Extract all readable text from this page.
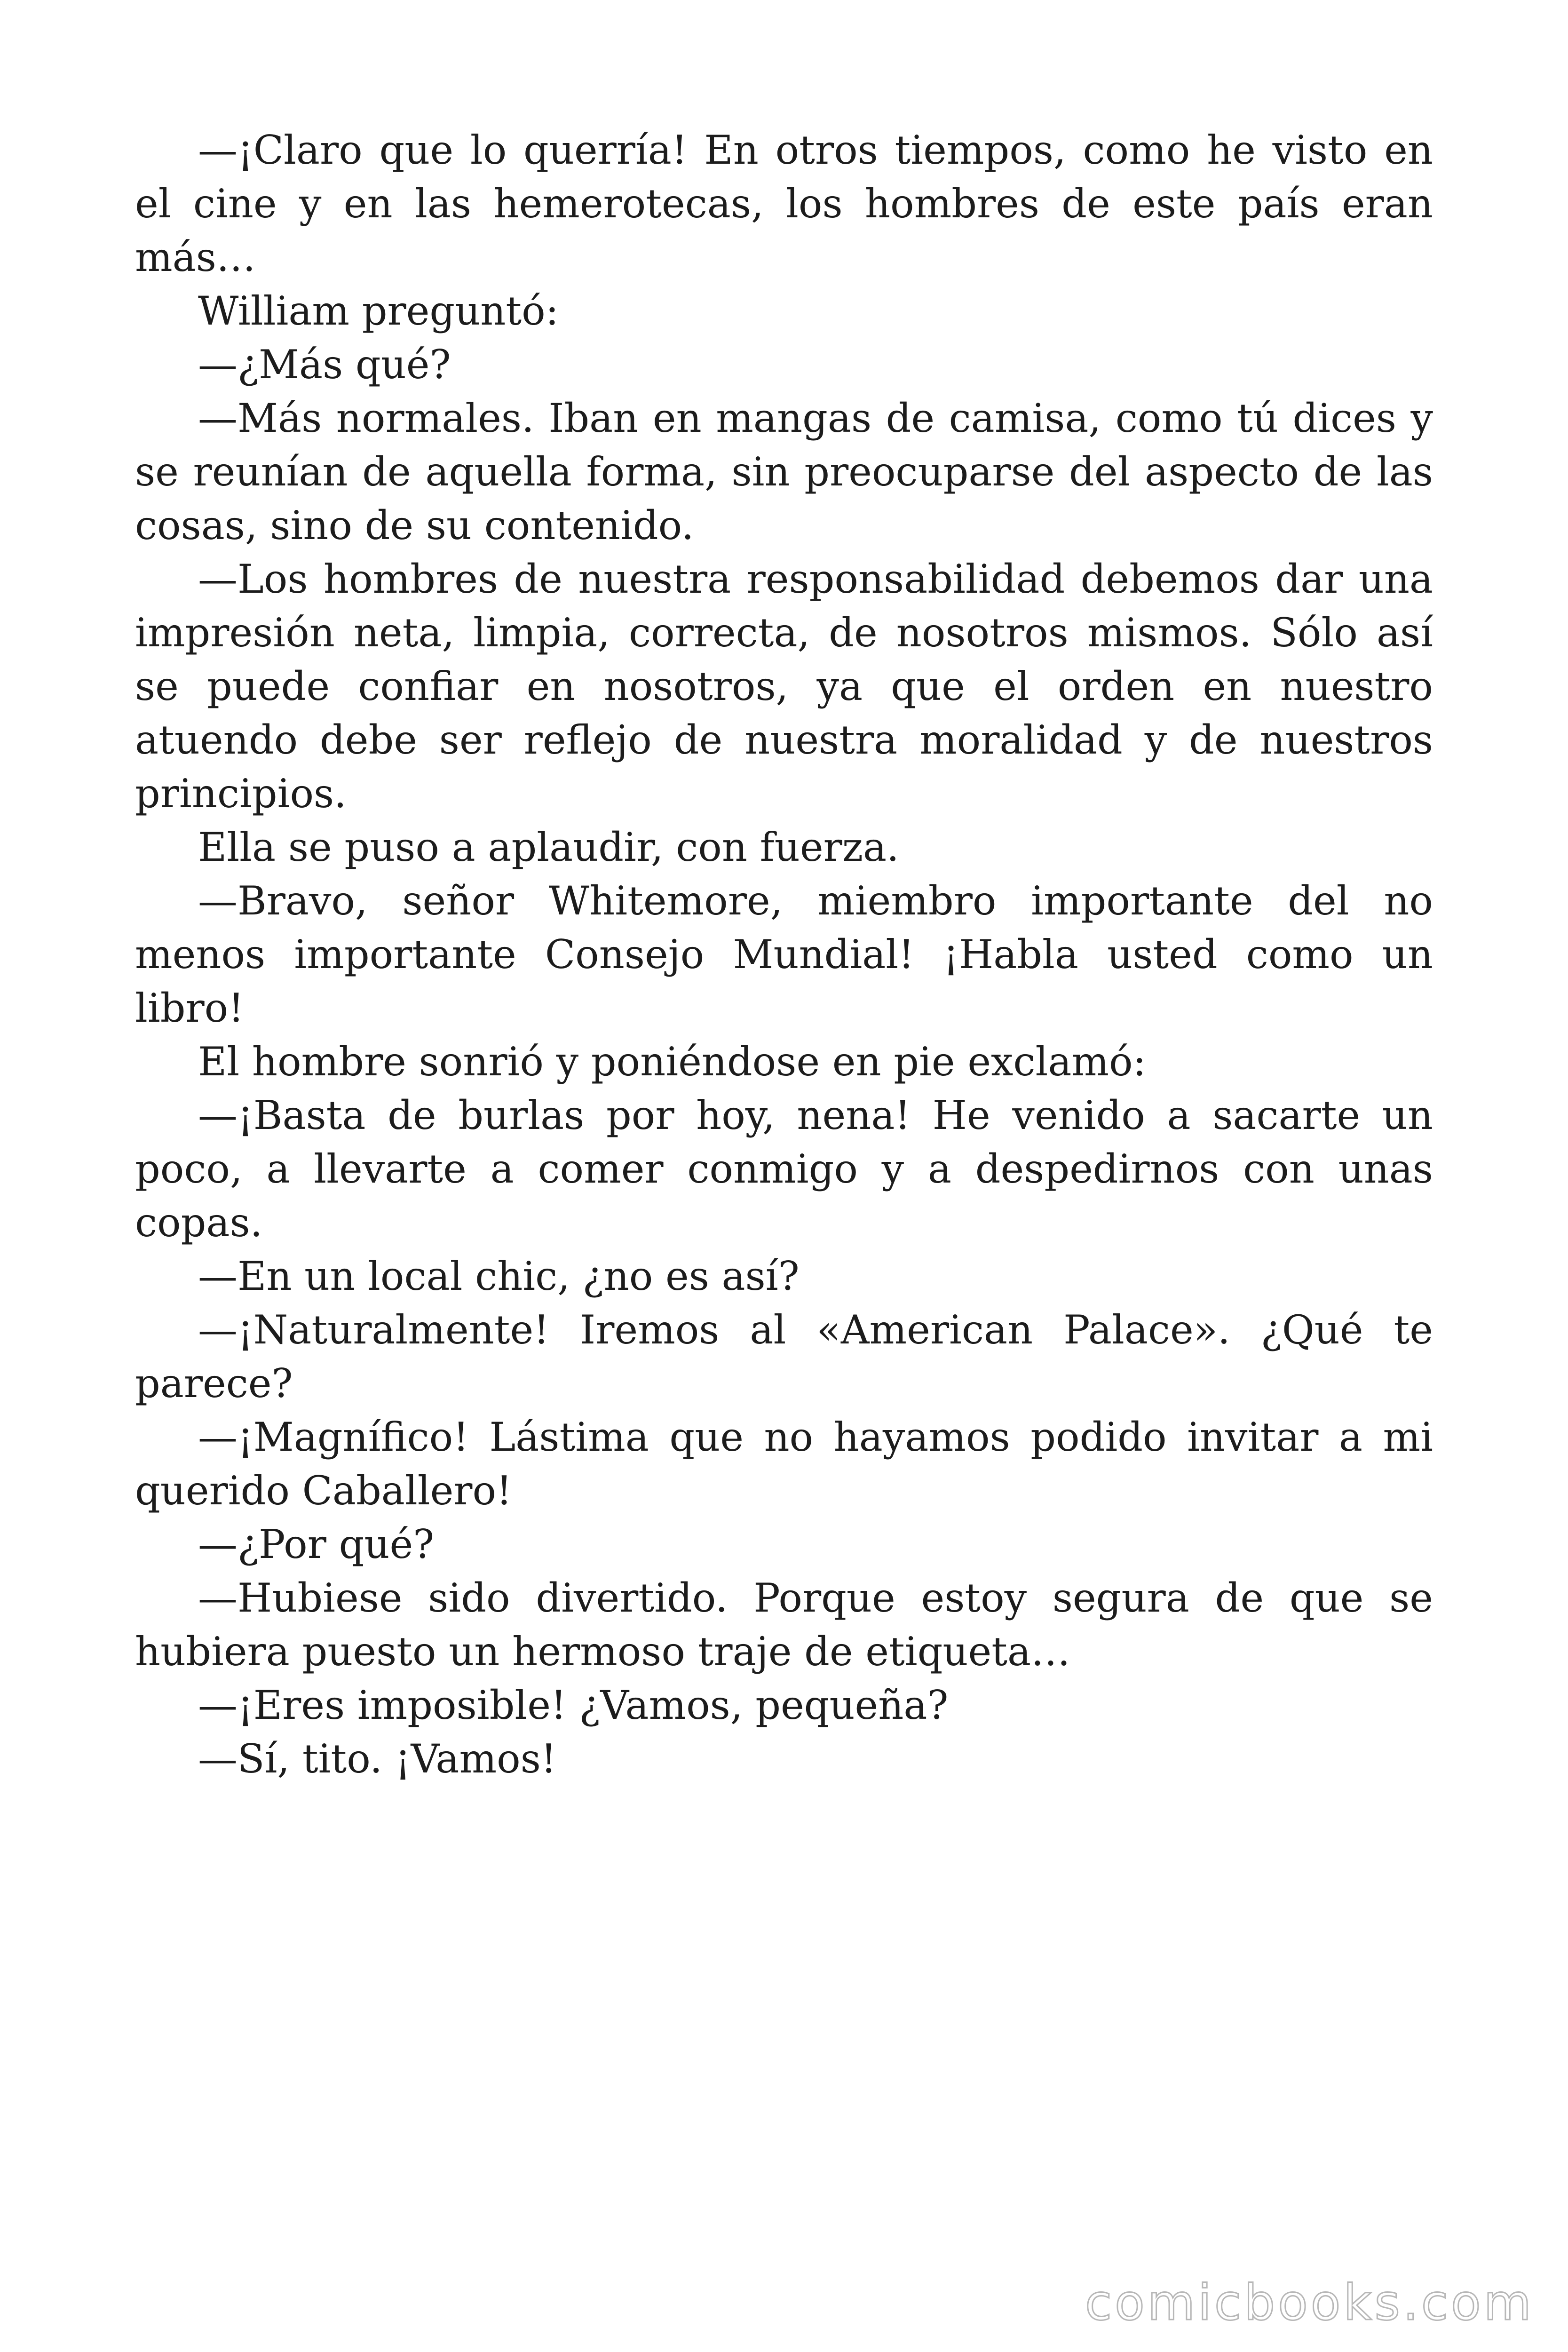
—¡Claro que lo querría! En otros tiempos, como he visto en el cine y en las hemerotecas, los hombres de este país eran más…

William preguntó:

—¿Más qué?

—Más normales. Iban en mangas de camisa, como tú dices y se reunían de aquella forma, sin preocuparse del aspecto de las cosas, sino de su contenido.

—Los hombres de nuestra responsabilidad debemos dar una impresión neta, limpia, correcta, de nosotros mismos. Sólo así se puede confiar en nosotros, ya que el orden en nuestro atuendo debe ser reflejo de nuestra moralidad y de nuestros principios.

Ella se puso a aplaudir, con fuerza.

—Bravo, señor Whitemore, miembro importante del no menos importante Consejo Mundial! ¡Habla usted como un libro!

El hombre sonrió y poniéndose en pie exclamó:

—¡Basta de burlas por hoy, nena! He venido a sacarte un poco, a llevarte a comer conmigo y a despedirnos con unas copas.

—En un local chic, ¿no es así?

—¡Naturalmente! Iremos al «American Palace». ¿Qué te parece?

—¡Magnífico! Lástima que no hayamos podido invitar a mi querido Caballero!

—¿Por qué?

—Hubiese sido divertido. Porque estoy segura de que se hubiera puesto un hermoso traje de etiqueta…

—¡Eres imposible! ¿Vamos, pequeña?

—Sí, tito. ¡Vamos!

comicbooks.com
